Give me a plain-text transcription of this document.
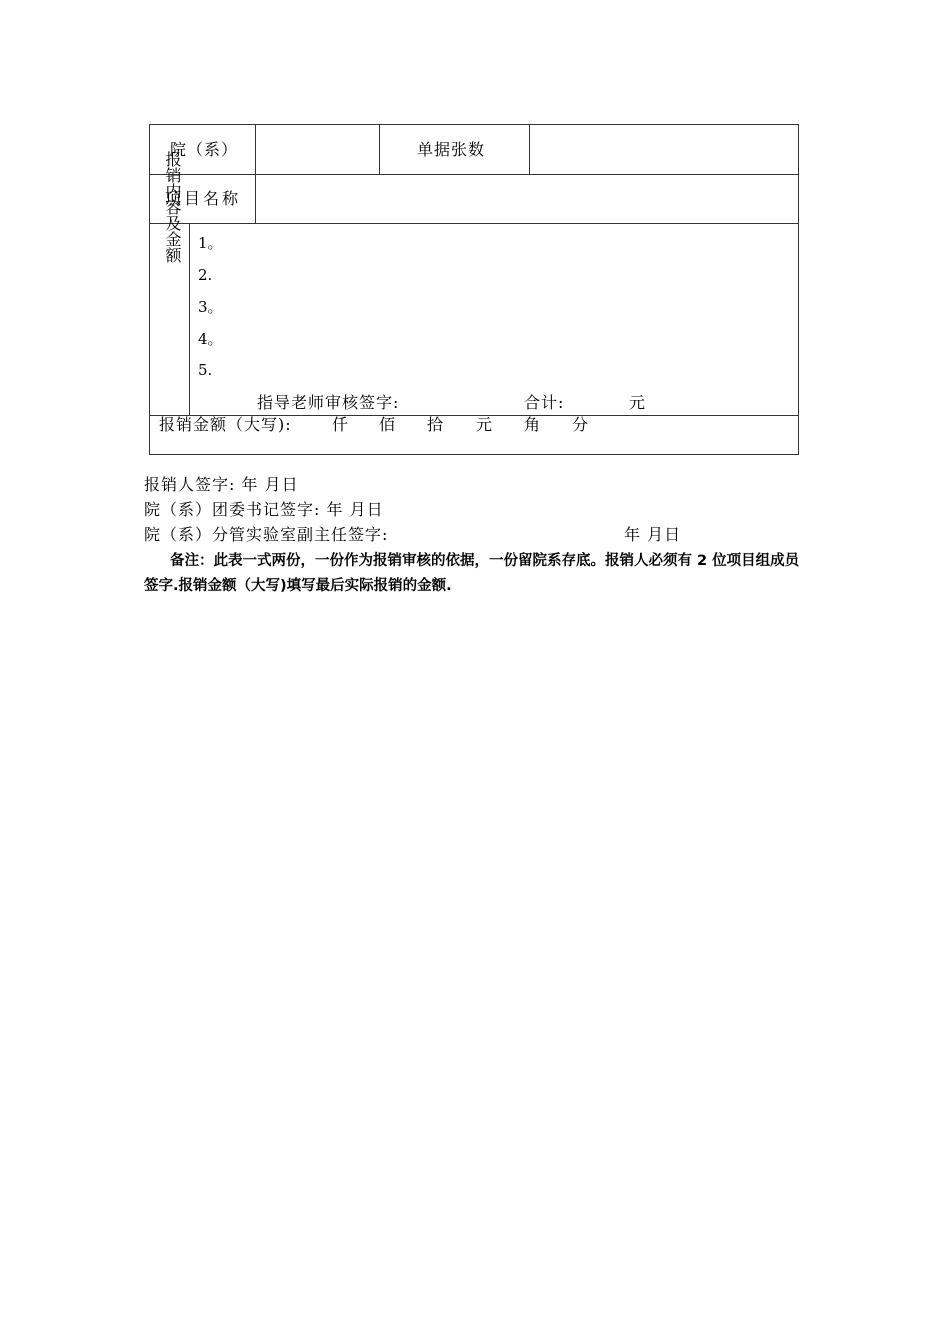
院（系）	单据张数
项目名称
报销内容及金额 1。
2.
3。
4。
5.
指导老师审核签字:	合计:	元
报销金额（大写):	仟 佰 拾 元 角 分
报销人签字: 年 月日
院（系）团委书记签字: 年 月日
院（系）分管实验室副主任签字:	年 月日
备注：此表一式两份，一份作为报销审核的依据，一份留院系存底。报销人必须有 2 位项目组成员签字.报销金额（大写)填写最后实际报销的金额.
